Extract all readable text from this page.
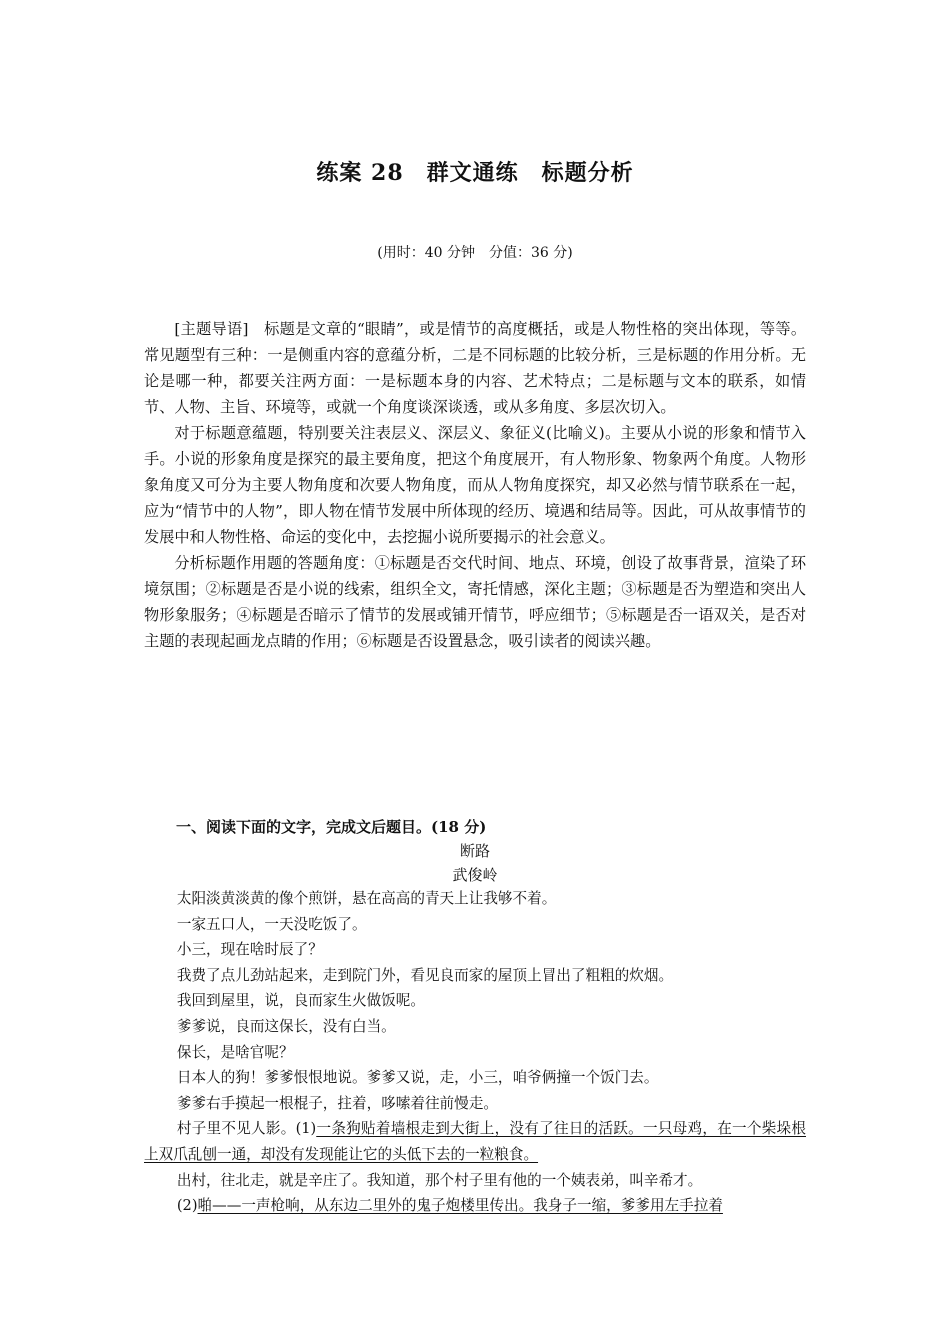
练案 28　群文通练　标题分析
(用时：40 分钟　分值：36 分)

[主题导语]　标题是文章的“眼睛”，或是情节的高度概括，或是人物性格的突出体现，等等。常见题型有三种：一是侧重内容的意蕴分析，二是不同标题的比较分析，三是标题的作用分析。无论是哪一种，都要关注两方面：一是标题本身的内容、艺术特点；二是标题与文本的联系，如情节、人物、主旨、环境等，或就一个角度谈深谈透，或从多角度、多层次切入。

对于标题意蕴题，特别要关注表层义、深层义、象征义(比喻义)。主要从小说的形象和情节入手。小说的形象角度是探究的最主要角度，把这个角度展开，有人物形象、物象两个角度。人物形象角度又可分为主要人物角度和次要人物角度，而从人物角度探究，却又必然与情节联系在一起，应为“情节中的人物”，即人物在情节发展中所体现的经历、境遇和结局等。因此，可从故事情节的发展中和人物性格、命运的变化中，去挖掘小说所要揭示的社会意义。

分析标题作用题的答题角度：①标题是否交代时间、地点、环境，创设了故事背景，渲染了环境氛围；②标题是否是小说的线索，组织全文，寄托情感，深化主题；③标题是否为塑造和突出人物形象服务；④标题是否暗示了情节的发展或铺开情节，呼应细节；⑤标题是否一语双关，是否对主题的表现起画龙点睛的作用；⑥标题是否设置悬念，吸引读者的阅读兴趣。

一、阅读下面的文字，完成文后题目。(18 分)
断路
武俊岭

太阳淡黄淡黄的像个煎饼，悬在高高的青天上让我够不着。

一家五口人，一天没吃饭了。

小三，现在啥时辰了？

我费了点儿劲站起来，走到院门外，看见良而家的屋顶上冒出了粗粗的炊烟。

我回到屋里，说，良而家生火做饭呢。

爹爹说，良而这保长，没有白当。

保长，是啥官呢？

日本人的狗！爹爹恨恨地说。爹爹又说，走，小三，咱爷俩撞一个饭门去。

爹爹右手摸起一根棍子，拄着，哆嗦着往前慢走。

村子里不见人影。(1)一条狗贴着墙根走到大街上，没有了往日的活跃。一只母鸡，在一个柴垛根上双爪乱刨一通，却没有发现能让它的头低下去的一粒粮食。

出村，往北走，就是辛庄了。我知道，那个村子里有他的一个姨表弟，叫辛希才。

(2)啪——一声枪响，从东边二里外的鬼子炮楼里传出。我身子一缩，爹爹用左手拉着
